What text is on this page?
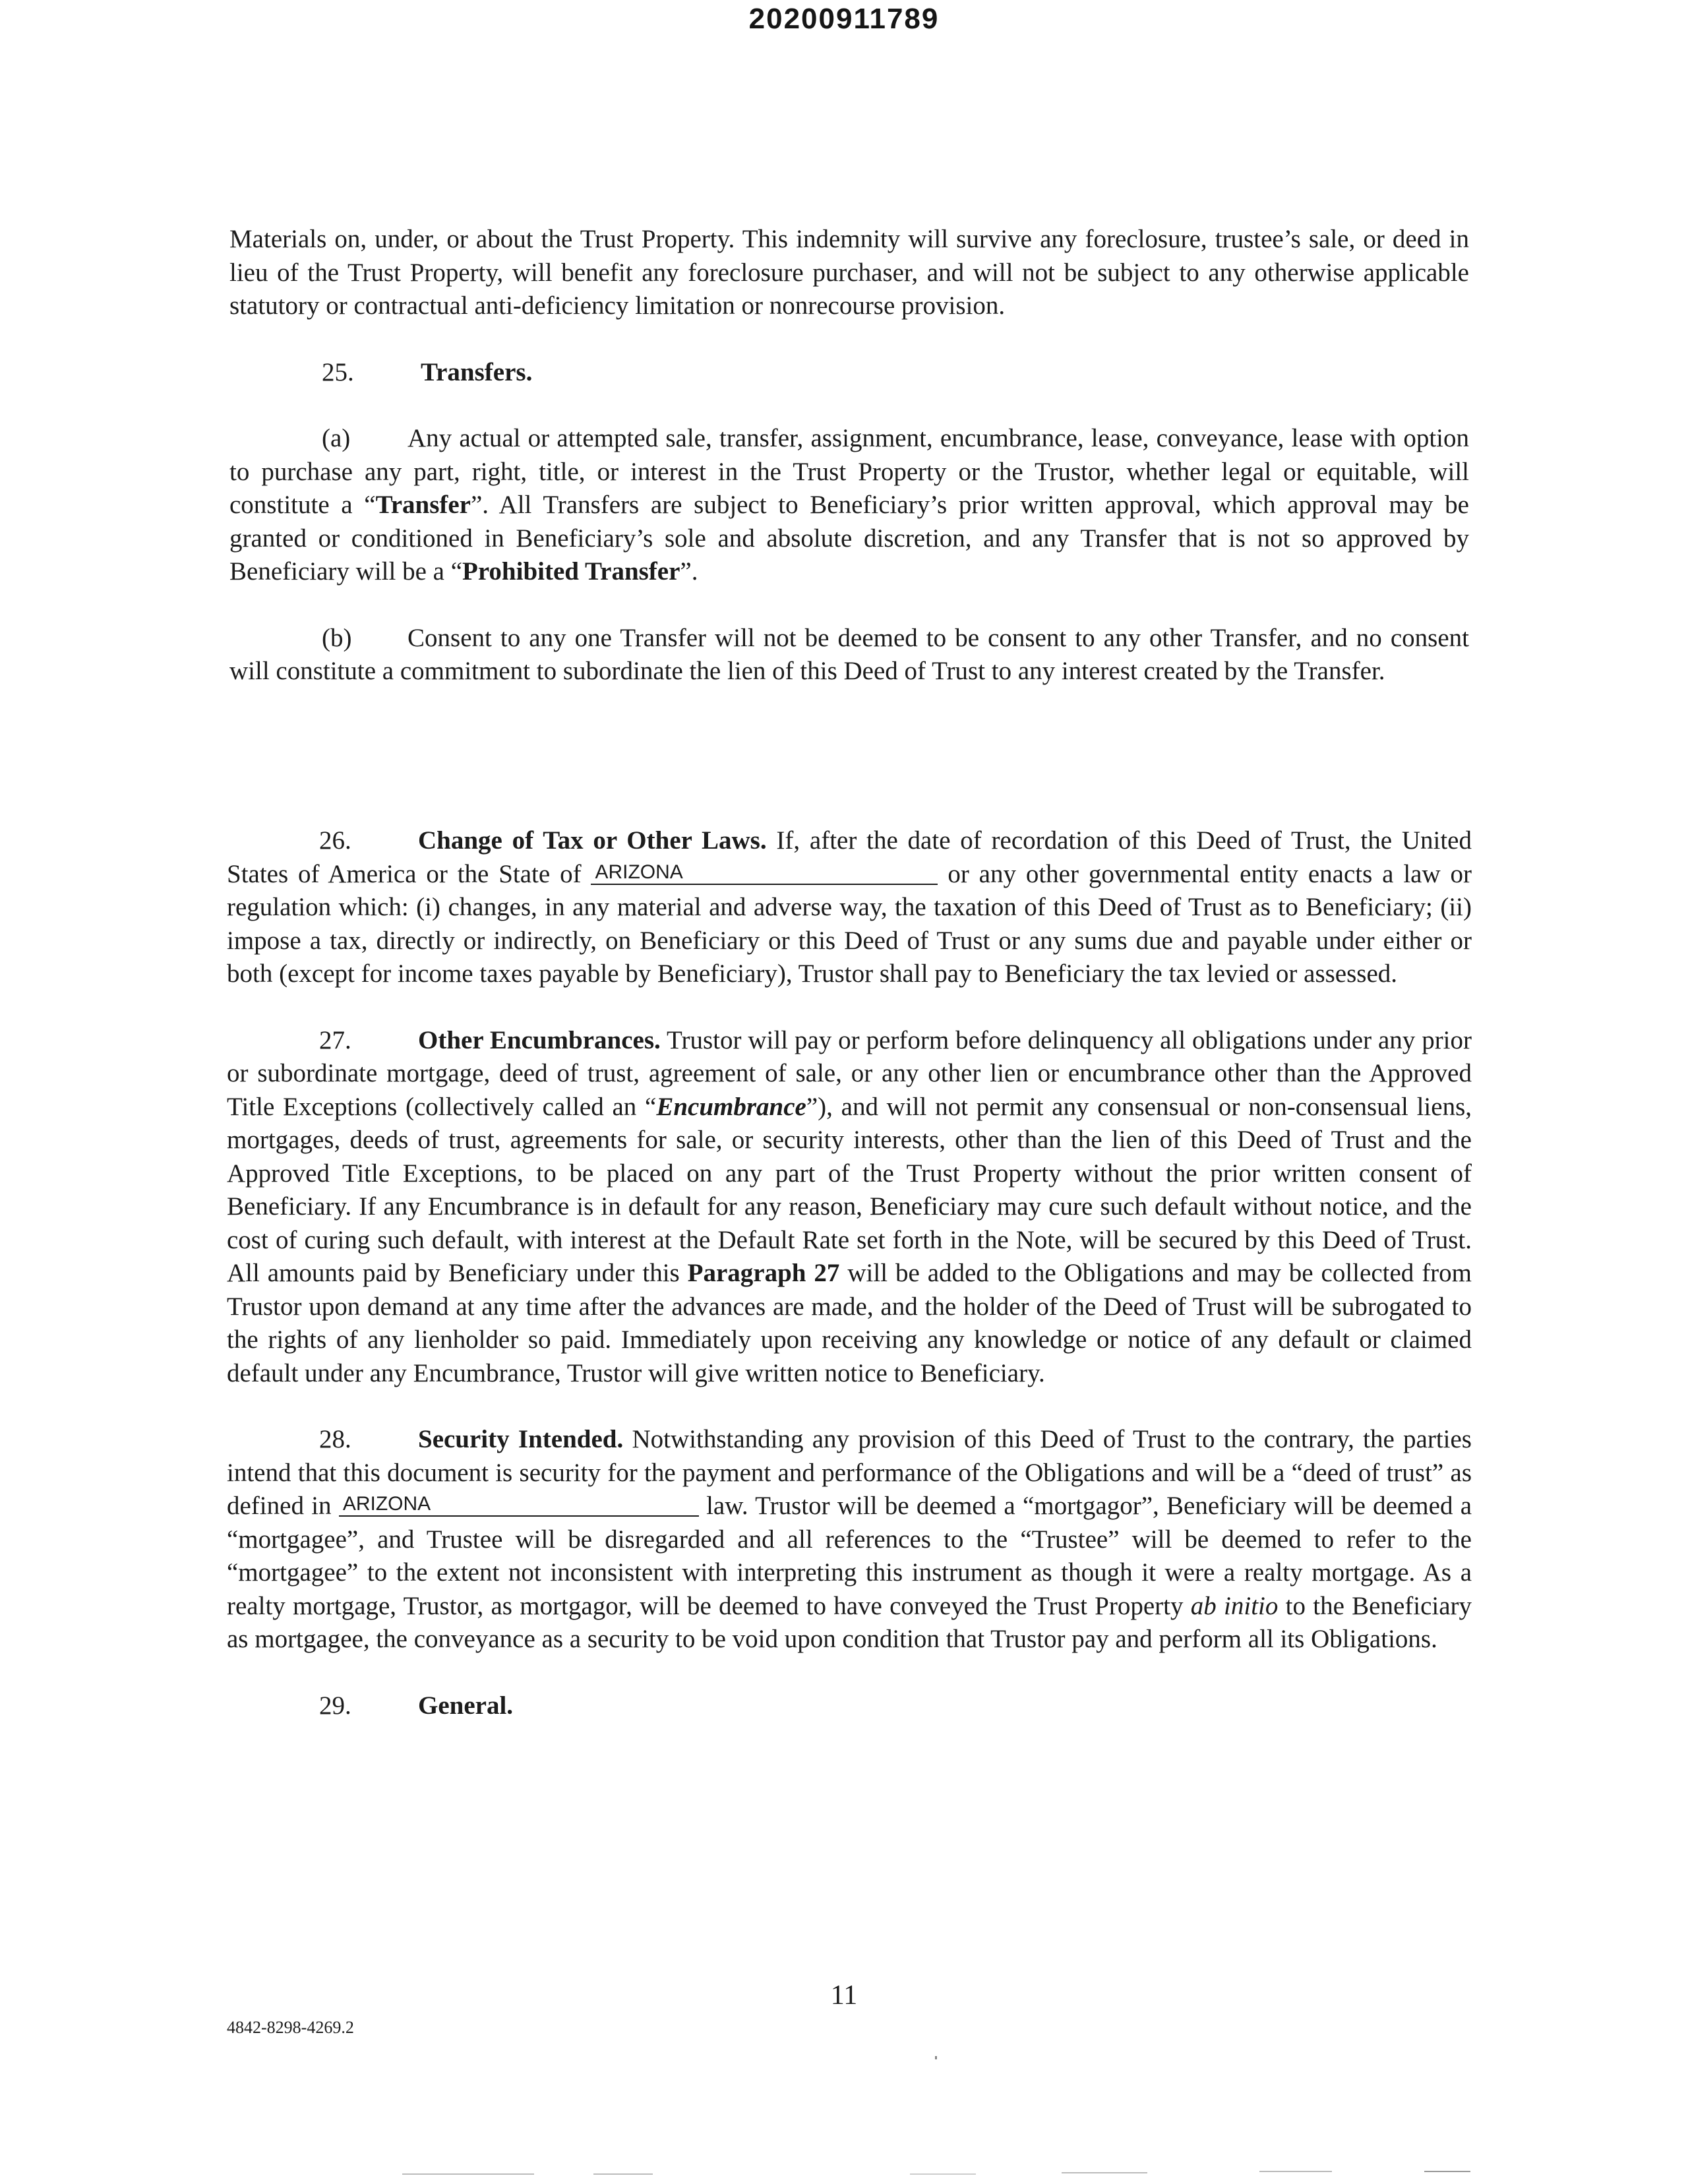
20200911789

Materials on, under, or about the Trust Property. This indemnity will survive any foreclosure, trustee’s sale, or deed in lieu of the Trust Property, will benefit any foreclosure purchaser, and will not be subject to any otherwise applicable statutory or contractual anti-deficiency limitation or nonrecourse provision.

25.	Transfers.

(a) Any actual or attempted sale, transfer, assignment, encumbrance, lease, conveyance, lease with option to purchase any part, right, title, or interest in the Trust Property or the Trustor, whether legal or equitable, will constitute a “Transfer”. All Transfers are subject to Beneficiary’s prior written approval, which approval may be granted or conditioned in Beneficiary’s sole and absolute discretion, and any Transfer that is not so approved by Beneficiary will be a “Prohibited Transfer”.

(b) Consent to any one Transfer will not be deemed to be consent to any other Transfer, and no consent will constitute a commitment to subordinate the lien of this Deed of Trust to any interest created by the Transfer.

26.	Change of Tax or Other Laws. If, after the date of recordation of this Deed of Trust, the United States of America or the State of ARIZONA	or any other governmental entity enacts a law or regulation which: (i) changes, in any material and adverse way, the taxation of this Deed of Trust as to Beneficiary; (ii) impose a tax, directly or indirectly, on Beneficiary or this Deed of Trust or any sums due and payable under either or both (except for income taxes payable by Beneficiary), Trustor shall pay to Beneficiary the tax levied or assessed.

27.	Other Encumbrances. Trustor will pay or perform before delinquency all obligations under any prior or subordinate mortgage, deed of trust, agreement of sale, or any other lien or encumbrance other than the Approved Title Exceptions (collectively called an “Encumbrance”), and will not permit any consensual or non-consensual liens, mortgages, deeds of trust, agreements for sale, or security interests, other than the lien of this Deed of Trust and the Approved Title Exceptions, to be placed on any part of the Trust Property without the prior written consent of Beneficiary. If any Encumbrance is in default for any reason, Beneficiary may cure such default without notice, and the cost of curing such default, with interest at the Default Rate set forth in the Note, will be secured by this Deed of Trust. All amounts paid by Beneficiary under this Paragraph 27 will be added to the Obligations and may be collected from Trustor upon demand at any time after the advances are made, and the holder of the Deed of Trust will be subrogated to the rights of any lienholder so paid. Immediately upon receiving any knowledge or notice of any default or claimed default under any Encumbrance, Trustor will give written notice to Beneficiary.

28.	Security Intended. Notwithstanding any provision of this Deed of Trust to the contrary, the parties intend that this document is security for the payment and performance of the Obligations and will be a “deed of trust” as defined in ARIZONA	law. Trustor will be deemed a “mortgagor”, Beneficiary will be deemed a “mortgagee”, and Trustee will be disregarded and all references to the “Trustee” will be deemed to refer to the “mortgagee” to the extent not inconsistent with interpreting this instrument as though it were a realty mortgage. As a realty mortgage, Trustor, as mortgagor, will be deemed to have conveyed the Trust Property ab initio to the Beneficiary as mortgagee, the conveyance as a security to be void upon condition that Trustor pay and perform all its Obligations.

29.	General.

11
4842-8298-4269.2
